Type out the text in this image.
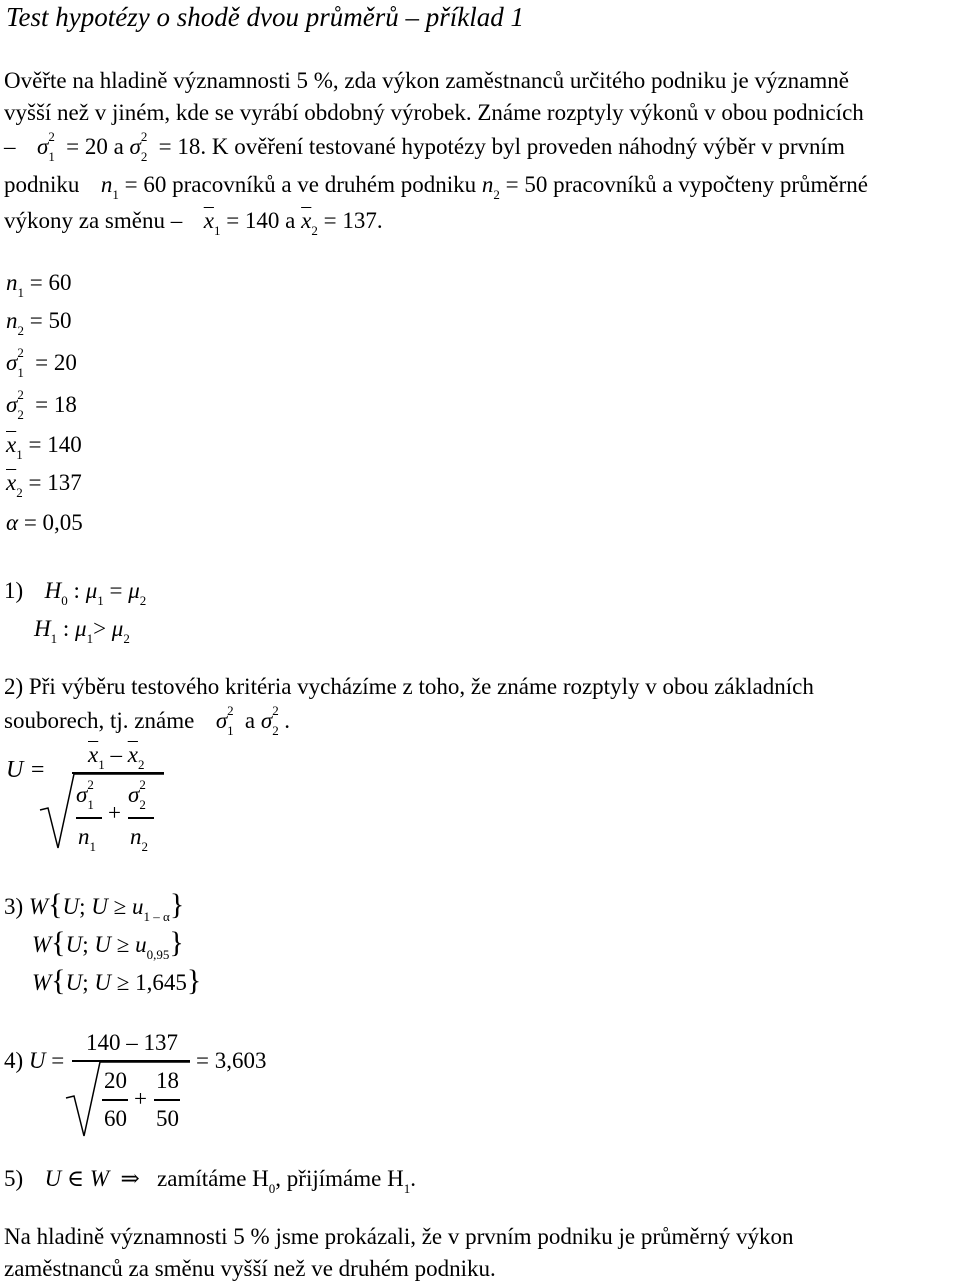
Test hypotézy o shodě dvou průměrů – příklad 1
Ověřte na hladině významnosti 5 %, zda výkon zaměstnanců určitého podniku je významně
vyšší než v jiném, kde se vyrábí obdobný výrobek. Známe rozptyly výkonů v obou podnicích
– σ 2
1 = 20 a σ 2
2 = 18. K ověření testované hypotézy byl proveden náhodný výběr v prvním
podniku $n_1 = 60$ pracovníků a ve druhém podniku $n_2 = 50$ pracovníků a vypočteny průměrné
výkony za směnu – $\overline{x}_1 = 140$ a $\overline{x}_2 = 137$.
$n_1 = 60$
$n_2 = 50$
σ 2
1 = 20
σ 2
2 = 18
$\overline{x}_1 = 140$
$\overline{x}_2 = 137$
α = 0,05
1) $H_0$ : $\mu_1 = \mu_2$
$H_1$ : $\mu_1> \mu_2$
2) Při výběru testového kritéria vycházíme z toho, že známe rozptyly v obou základních
souborech, tj. známe σ 2
1 a σ 2
2 .
U =
$\overline{x}_1 - \overline{x}_2$
σ 2
1 +
σ 2
2
$n_1$ $n_2$
3) W{U; $U \ge u_{1 - \alpha}$}
W{U; $U \ge u_{0,95}$}
W{U; U ≥ 1,645}
4) U =
140 – 137
20
+
18
60 50
= 3,603
5) U ∈ W  ⇒   zamítáme $H_0$, přijímáme $H_1$.
Na hladině významnosti 5 % jsme prokázali, že v prvním podniku je průměrný výkon
zaměstnanců za směnu vyšší než ve druhém podniku.
